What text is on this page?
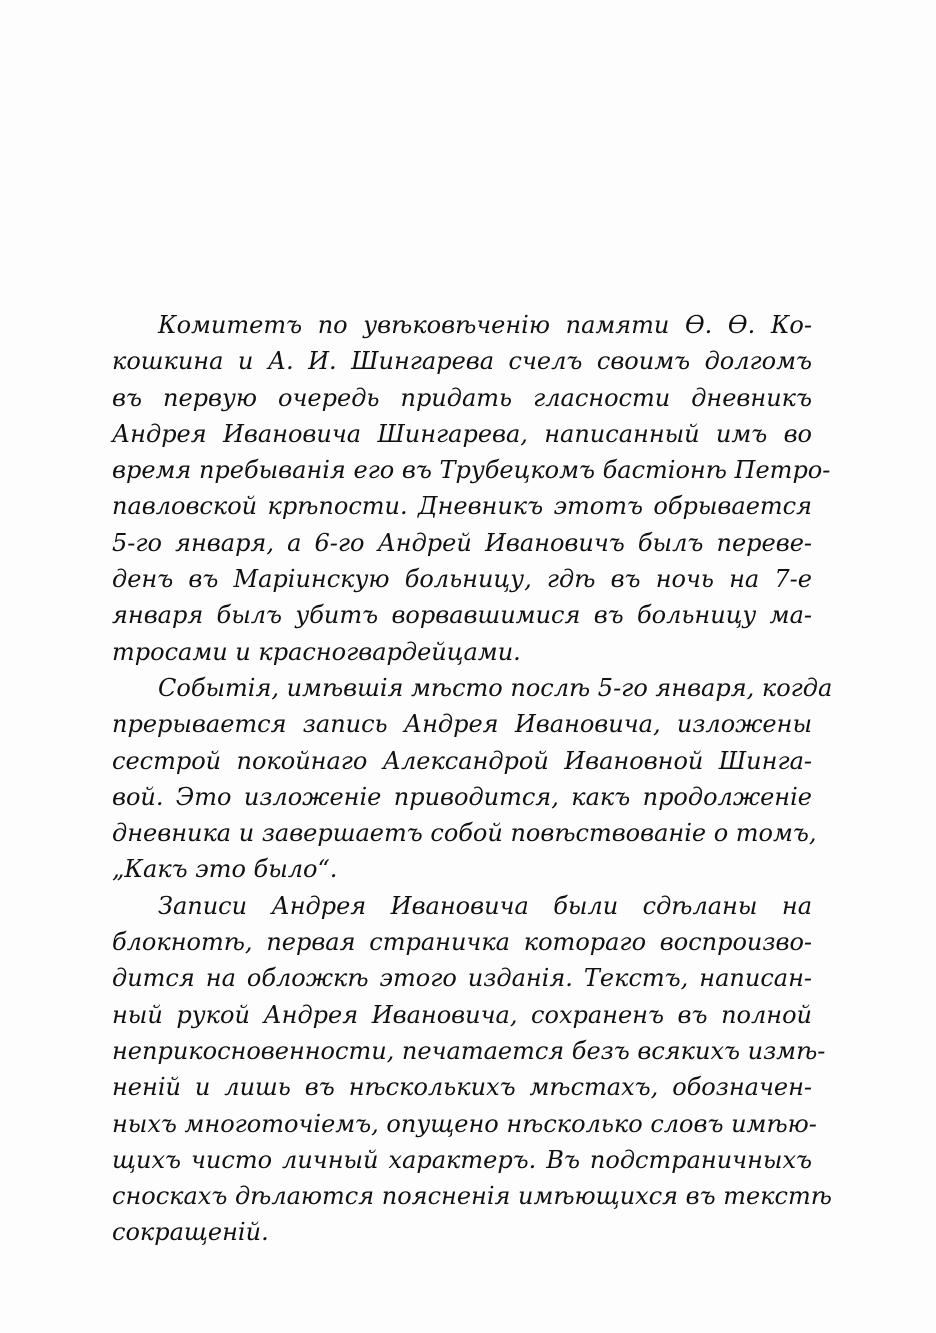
Комитетъ по увѣковѣченію памяти Ѳ. Ѳ. Ко-
кошкина и А. И. Шингарева счелъ своимъ долгомъ
въ первую очередь придать гласности дневникъ
Андрея Ивановича Шингарева, написанный имъ во
время пребыванія его въ Трубецкомъ бастіонѣ Петро-
павловской крѣпости. Дневникъ этотъ обрывается
5-го января, а 6-го Андрей Ивановичъ былъ переве-
денъ въ Маріинскую больницу, гдѣ въ ночь на 7-е
января былъ убитъ ворвавшимися въ больницу ма-
тросами и красногвардейцами.
Событія, имѣвшія мѣсто послѣ 5-го января, когда
прерывается запись Андрея Ивановича, изложены
сестрой покойнаго Александрой Ивановной Шинга-
вой. Это изложеніе приводится, какъ продолженіе
дневника и завершаетъ собой повѣствованіе о томъ,
„Какъ это было“.
Записи Андрея Ивановича были сдѣланы на
блокнотѣ, первая страничка котораго воспроизво-
дится на обложкѣ этого изданія. Текстъ, написан-
ный рукой Андрея Ивановича, сохраненъ въ полной
неприкосновенности, печатается безъ всякихъ измѣ-
неній и лишь въ нѣсколькихъ мѣстахъ, обозначен-
ныхъ многоточіемъ, опущено нѣсколько словъ имѣю-
щихъ чисто личный характеръ. Въ подстраничныхъ
сноскахъ дѣлаются поясненія имѣющихся въ текстѣ
сокращеній.
